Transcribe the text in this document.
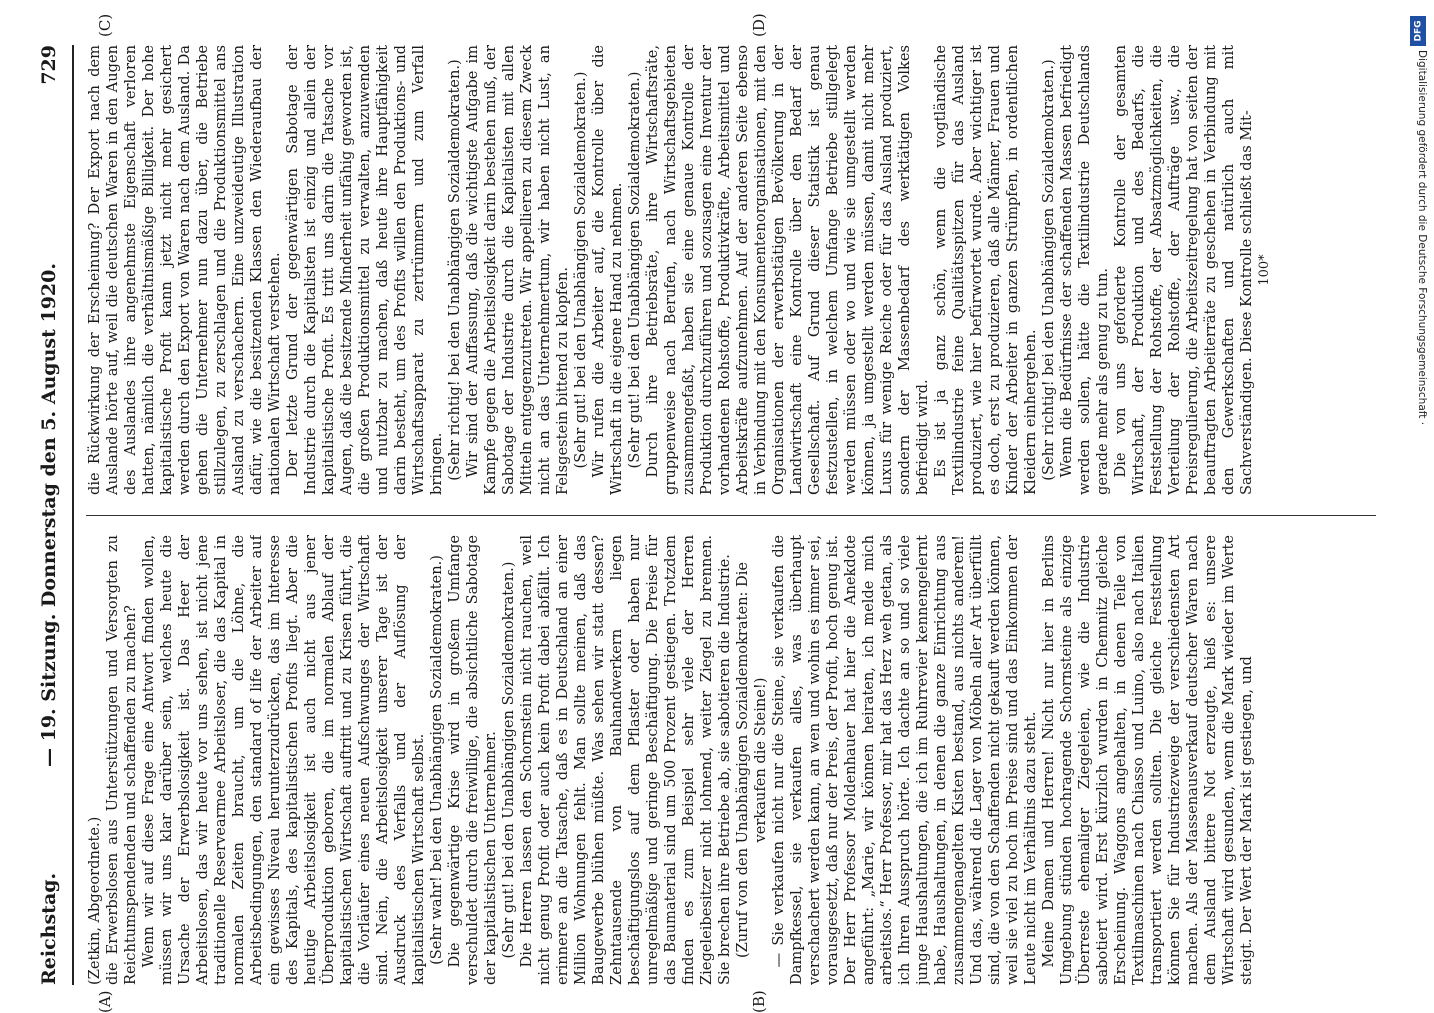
Reichstag.
— 19. Sitzung. Donnerstag den 5. August 1920.
729

(Zetkin, Abgeordnete.) die Erwerbslosen aus Unterstützungen und Versorgten zu Reichtumspendenden und schaffenden zu machen? Wenn wir auf diese Frage eine Antwort finden wollen, müssen wir uns klar darüber sein, welches heute die Ursache der Erwerbslosigkeit ist. Das Heer der Arbeitslosen, das wir heute vor uns sehen, ist nicht jene traditionelle Reservearmee Arbeitsloser, die das Kapital in normalen Zeiten braucht, um die Löhne, die Arbeitsbedingungen, den standard of life der Arbeiter auf ein gewisses Niveau herunterzudrücken, das im Interesse des Kapitals, des kapitalistischen Profits liegt. Aber die heutige Arbeitslosigkeit ist auch nicht aus jener Überproduktion geboren, die im normalen Ablauf der kapitalistischen Wirtschaft auftritt und zu Krisen führt, die die Vorläufer eines neuen Aufschwunges der Wirtschaft sind. Nein, die Arbeitslosigkeit unserer Tage ist der Ausdruck des Verfalls und der Auflösung der kapitalistischen Wirtschaft selbst. (Sehr wahr! bei den Unabhängigen Sozialdemokraten.) Die gegenwärtige Krise wird in großem Umfange verschuldet durch die freiwillige, die absichtliche Sabotage der kapitalistischen Unternehmer. (Sehr gut! bei den Unabhängigen Sozialdemokraten.) Die Herren lassen den Schornstein nicht rauchen, weil nicht genug Profit oder auch kein Profit dabei abfällt. Ich erinnere an die Tatsache, daß es in Deutschland an einer Million Wohnungen fehlt. Man sollte meinen, daß das Baugewerbe blühen müßte. Was sehen wir statt dessen? Zehntausende von Bauhandwerkern liegen beschäftigungslos auf dem Pflaster oder haben nur unregelmäßige und geringe Beschäftigung. Die Preise für das Baumaterial sind um 500 Prozent gestiegen. Trotzdem finden es zum Beispiel sehr viele der Herren Ziegeleibesitzer nicht lohnend, weiter Ziegel zu brennen. Sie brechen ihre Betriebe ab, sie sabotieren die Industrie. (Zuruf von den Unabhängigen Sozialdemokraten: Die verkaufen die Steine!) — Sie verkaufen nicht nur die Steine, sie verkaufen die Dampfkessel, sie verkaufen alles, was überhaupt verschachert werden kann, an wen und wohin es immer sei, vorausgesetzt, daß nur der Preis, der Profit, hoch genug ist. Der Herr Professor Moldenhauer hat hier die Anekdote angeführt: „Marie, wir können heiraten, ich melde mich arbeitslos.“ Herr Professor, mir hat das Herz weh getan, als ich Ihren Ausspruch hörte. Ich dachte an so und so viele junge Haushaltungen, die ich im Ruhrrevier kennengelernt habe, Haushaltungen, in denen die ganze Einrichtung aus zusammengenagelten Kisten bestand, aus nichts anderem! Und das, während die Lager von Möbeln aller Art überfüllt sind, die von den Schaffenden nicht gekauft werden können, weil sie viel zu hoch im Preise sind und das Einkommen der Leute nicht im Verhältnis dazu steht. Meine Damen und Herren! Nicht nur hier in Berlins Umgebung stünden hochragende Schornsteine als einzige Überreste ehemaliger Ziegeleien, wie die Industrie sabotiert wird. Erst kürzlich wurden in Chemnitz gleiche Erscheinung. Waggons angehalten, in denen Teile von Textilmaschinen nach Chiasso und Luino, also nach Italien transportiert werden sollten. Die gleiche Feststellung können Sie für Industriezweige der verschiedensten Art machen. Als der Massenausverkauf deutscher Waren nach dem Ausland bittere Not erzeugte, hieß es: unsere Wirtschaft wird gesunden, wenn die Mark wieder im Werte steigt. Der Wert der Mark ist gestiegen, und

die Rückwirkung der Erscheinung? Der Export nach dem Auslande hörte auf, weil die deutschen Waren in den Augen des Auslandes ihre angenehmste Eigenschaft verloren hatten, nämlich die verhältnismäßige Billigkeit. Der hohe kapitalistische Profit kann jetzt nicht mehr gesichert werden durch den Export von Waren nach dem Ausland. Da gehen die Unternehmer nun dazu über, die Betriebe stillzulegen, zu zerschlagen und die Produktionsmittel ans Ausland zu verschachern. Eine unzweideutige Illustration dafür, wie die besitzenden Klassen den Wiederaufbau der nationalen Wirtschaft verstehen. Der letzte Grund der gegenwärtigen Sabotage der Industrie durch die Kapitalisten ist einzig und allein der kapitalistische Profit. Es tritt uns darin die Tatsache vor Augen, daß die besitzende Minderheit unfähig geworden ist, die großen Produktionsmittel zu verwalten, anzuwenden und nutzbar zu machen, daß heute ihre Hauptfähigkeit darin besteht, um des Profits willen den Produktions- und Wirtschaftsapparat zu zertrümmern und zum Verfall bringen. (Sehr richtig! bei den Unabhängigen Sozialdemokraten.) Wir sind der Auffassung, daß die wichtigste Aufgabe im Kampfe gegen die Arbeitslosigkeit darin bestehen muß, der Sabotage der Industrie durch die Kapitalisten mit allen Mitteln entgegenzutreten. Wir appellieren zu diesem Zweck nicht an das Unternehmertum, wir haben nicht Lust, an Felsgestein bittend zu klopfen. (Sehr gut! bei den Unabhängigen Sozialdemokraten.) Wir rufen die Arbeiter auf, die Kontrolle über die Wirtschaft in die eigene Hand zu nehmen. (Sehr gut! bei den Unabhängigen Sozialdemokraten.) Durch ihre Betriebsräte, ihre Wirtschaftsräte, gruppenweise nach Berufen, nach Wirtschaftsgebieten zusammengefaßt, haben sie eine genaue Kontrolle der Produktion durchzuführen und sozusagen eine Inventur der vorhandenen Rohstoffe, Produktivkräfte, Arbeitsmittel und Arbeitskräfte aufzunehmen. Auf der anderen Seite ebenso in Verbindung mit den Konsumentenorganisationen, mit den Organisationen der erwerbstätigen Bevölkerung in der Landwirtschaft eine Kontrolle über den Bedarf der Gesellschaft. Auf Grund dieser Statistik ist genau festzustellen, in welchem Umfange Betriebe stillgelegt werden müssen oder wo und wie sie umgestellt werden können, ja umgestellt werden müssen, damit nicht mehr Luxus für wenige Reiche oder für das Ausland produziert, sondern der Massenbedarf des werktätigen Volkes befriedigt wird. Es ist ja ganz schön, wenn die vogtländische Textilindustrie feine Qualitätsspitzen für das Ausland produziert, wie hier befürwortet wurde. Aber wichtiger ist es doch, erst zu produzieren, daß alle Männer, Frauen und Kinder der Arbeiter in ganzen Strümpfen, in ordentlichen Kleidern einhergehen. (Sehr richtig! bei den Unabhängigen Sozialdemokraten.) Wenn die Bedürfnisse der schaffenden Massen befriedigt werden sollen, hätte die Textilindustrie Deutschlands gerade mehr als genug zu tun. Die von uns geforderte Kontrolle der gesamten Wirtschaft, der Produktion und des Bedarfs, die Feststellung der Rohstoffe, der Absatzmöglichkeiten, die Verteilung der Rohstoffe, der Aufträge usw., die Preisregulierung, die Arbeitszeitregelung hat von seiten der beauftragten Arbeiterräte zu geschehen in Verbindung mit den Gewerkschaften und natürlich auch mit Sachverständigen. Diese Kontrolle schließt das Mit- 100*

(A)	(B)
(C)	(D)	DFG
Digitalisierung gefördert durch die Deutsche Forschungsgemeinschaft ·
